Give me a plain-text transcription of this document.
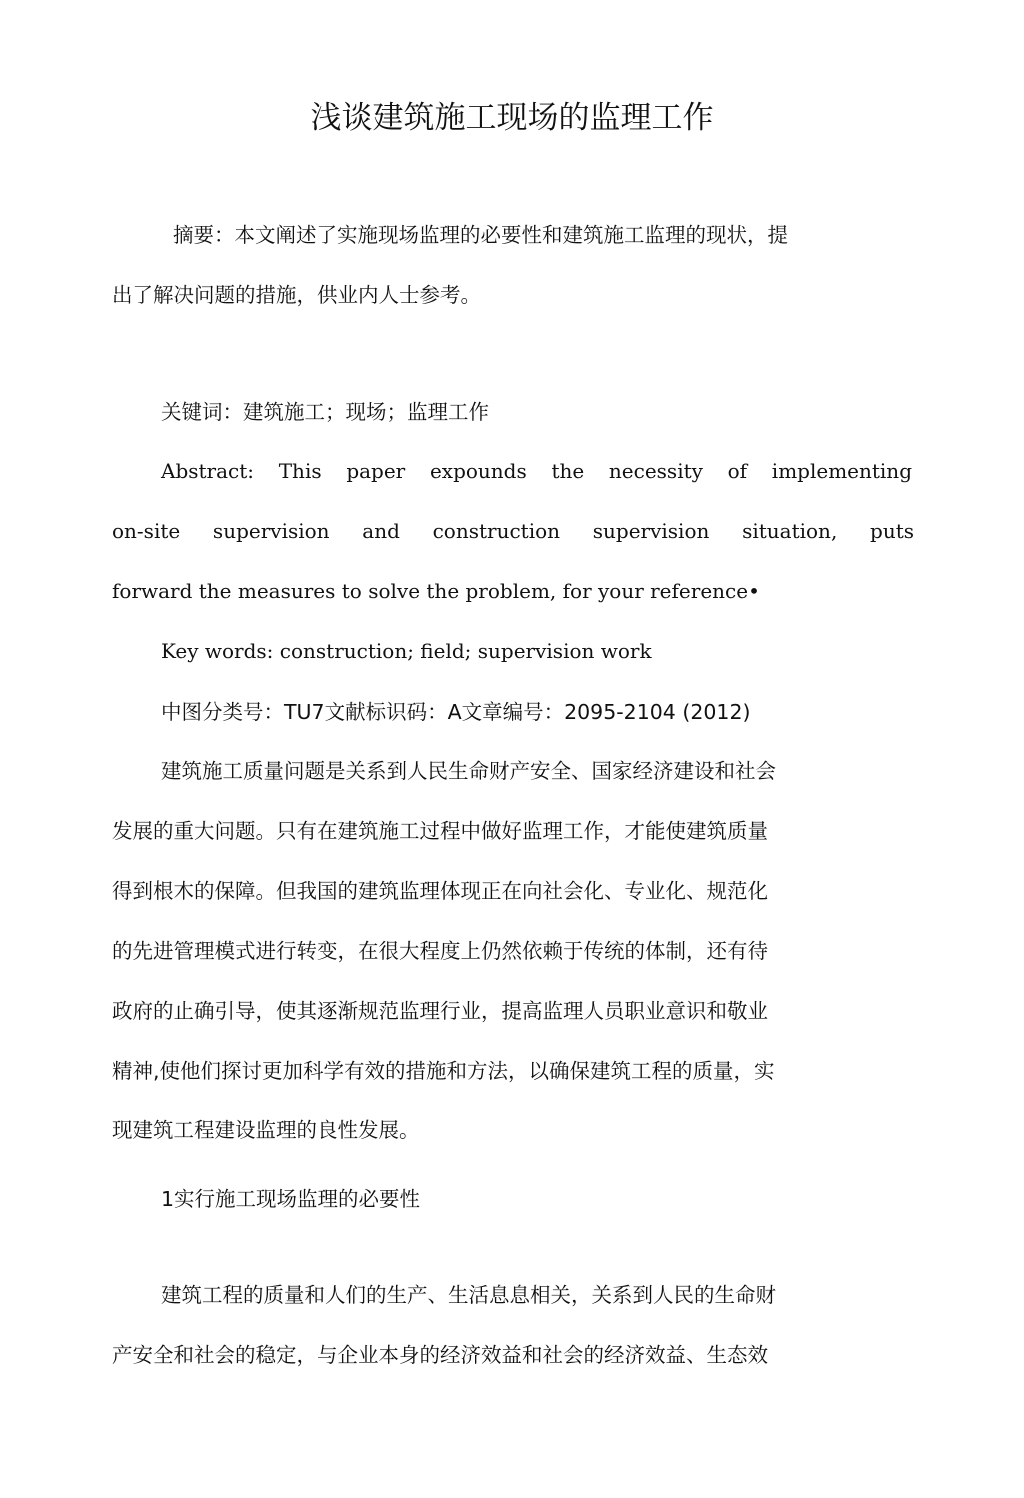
浅谈建筑施工现场的监理工作
摘要：本文阐述了实施现场监理的必要性和建筑施工监理的现状，提
出了解决问题的措施，供业内人士参考。
关键词：建筑施工；现场；监理工作
Abstract: This paper expounds the necessity of implementing
on-site supervision and construction supervision situation, puts
forward the measures to solve the problem, for your reference•
Key words: construction; field; supervision work
中图分类号：TU7文献标识码：A文章编号：2095-2104 (2012)
建筑施工质量问题是关系到人民生命财产安全、国家经济建设和社会
发展的重大问题。只有在建筑施工过程中做好监理工作，才能使建筑质量
得到根木的保障。但我国的建筑监理体现正在向社会化、专业化、规范化
的先进管理模式进行转变，在很大程度上仍然依赖于传统的体制，还有待
政府的止确引导，使其逐渐规范监理行业，提高监理人员职业意识和敬业
精神,使他们探讨更加科学有效的措施和方法，以确保建筑工程的质量，实
现建筑工程建设监理的良性发展。
1实行施工现场监理的必要性
建筑工程的质量和人们的生产、生活息息相关，关系到人民的生命财
产安全和社会的稳定，与企业本身的经济效益和社会的经济效益、生态效
